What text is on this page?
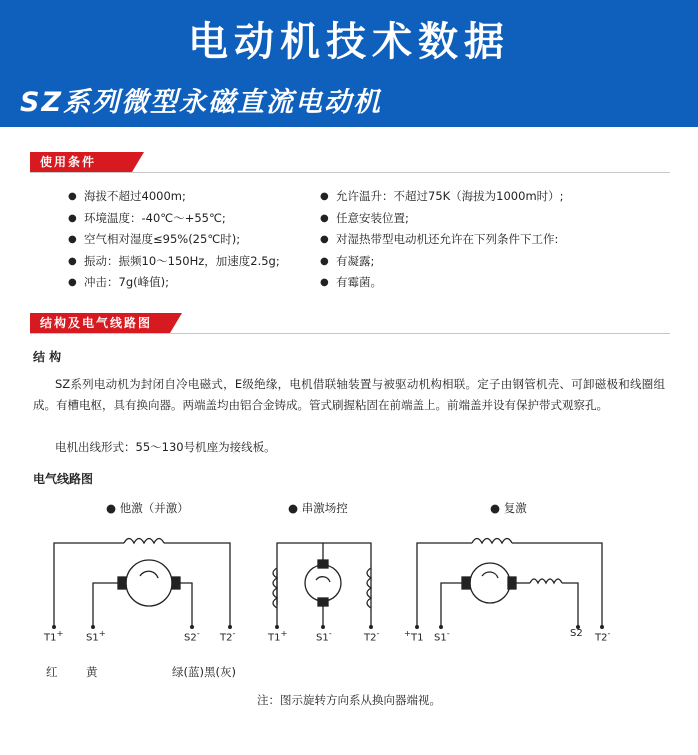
电动机技术数据
SZ系列微型永磁直流电动机
使用条件
● 海拔不超过4000m;
● 环境温度：-40℃～+55℃;
● 空气相对湿度≤95%(25℃时);
● 振动：振频10～150Hz，加速度2.5g;
● 冲击：7g(峰值);
● 允许温升：不超过75K（海拔为1000m时）;
● 任意安装位置;
● 对湿热带型电动机还允许在下列条件下工作:
● 有凝露;
● 有霉菌。
结构及电气线路图
结 构

SZ系列电动机为封闭自冷电磁式，E级绝缘，电机借联轴装置与被驱动机构相联。定子由钢管机壳、可卸磁极和线圈组成。有槽电枢，具有换向器。两端盖均由铝合金铸成。管式刷握粘固在前端盖上。前端盖并设有保护带式观察孔。

电机出线形式：55～130号机座为接线板。

电气线路图
● 他激（并激）	● 串激场控	● 复激
T1+ S1+	S2- T2-
红 黄	绿(蓝)黑(灰)
T1+	S1-	T2-	+T1 S1-	S2 T2-
注：图示旋转方向系从换向器端视。
